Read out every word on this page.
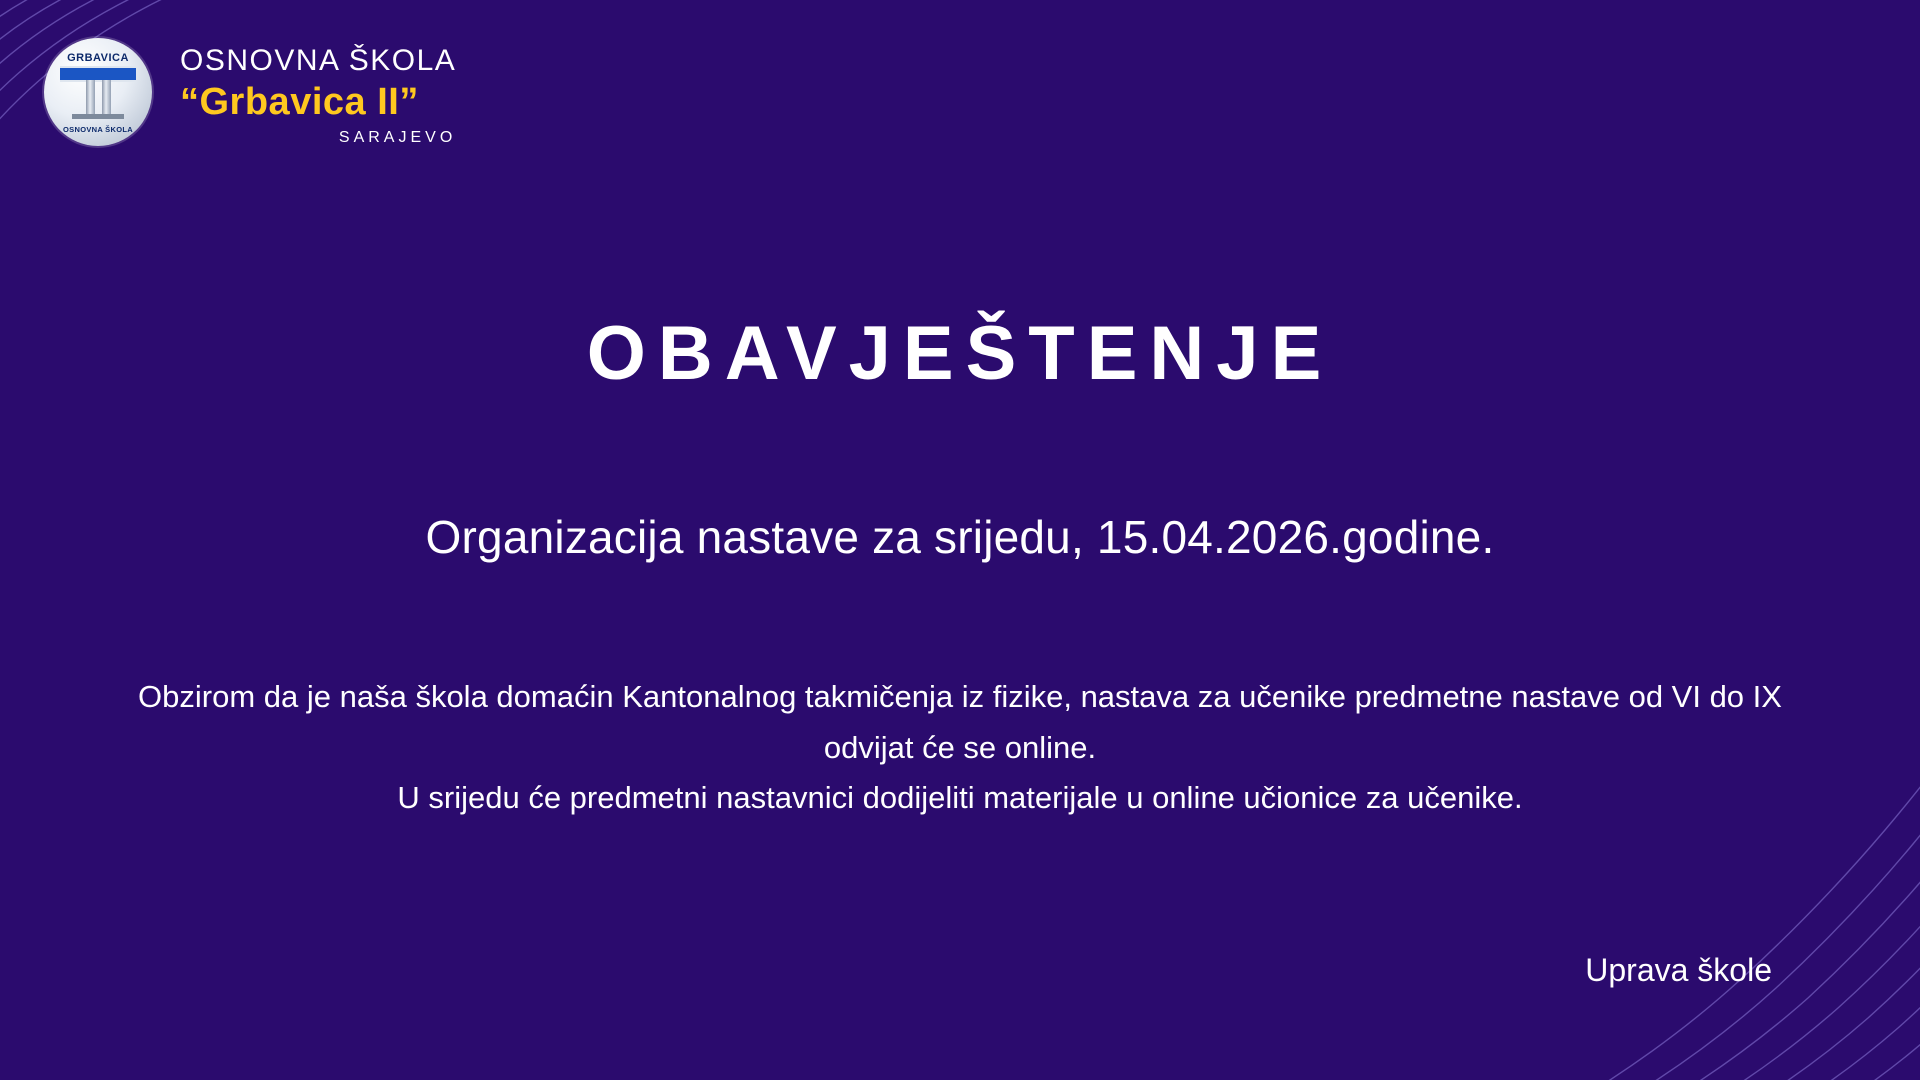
GRBAVICA
OSNOVNA ŠKOLA
OSNOVNA ŠKOLA
“Grbavica II”
SARAJEVO
OBAVJEŠTENJE
Organizacija nastave za srijedu, 15.04.2026.godine.
Obzirom da je naša škola domaćin Kantonalnog takmičenja iz fizike, nastava za učenike predmetne nastave od VI do IX odvijat će se online.
U srijedu će predmetni nastavnici dodijeliti materijale u online učionice za učenike.
Uprava škole
